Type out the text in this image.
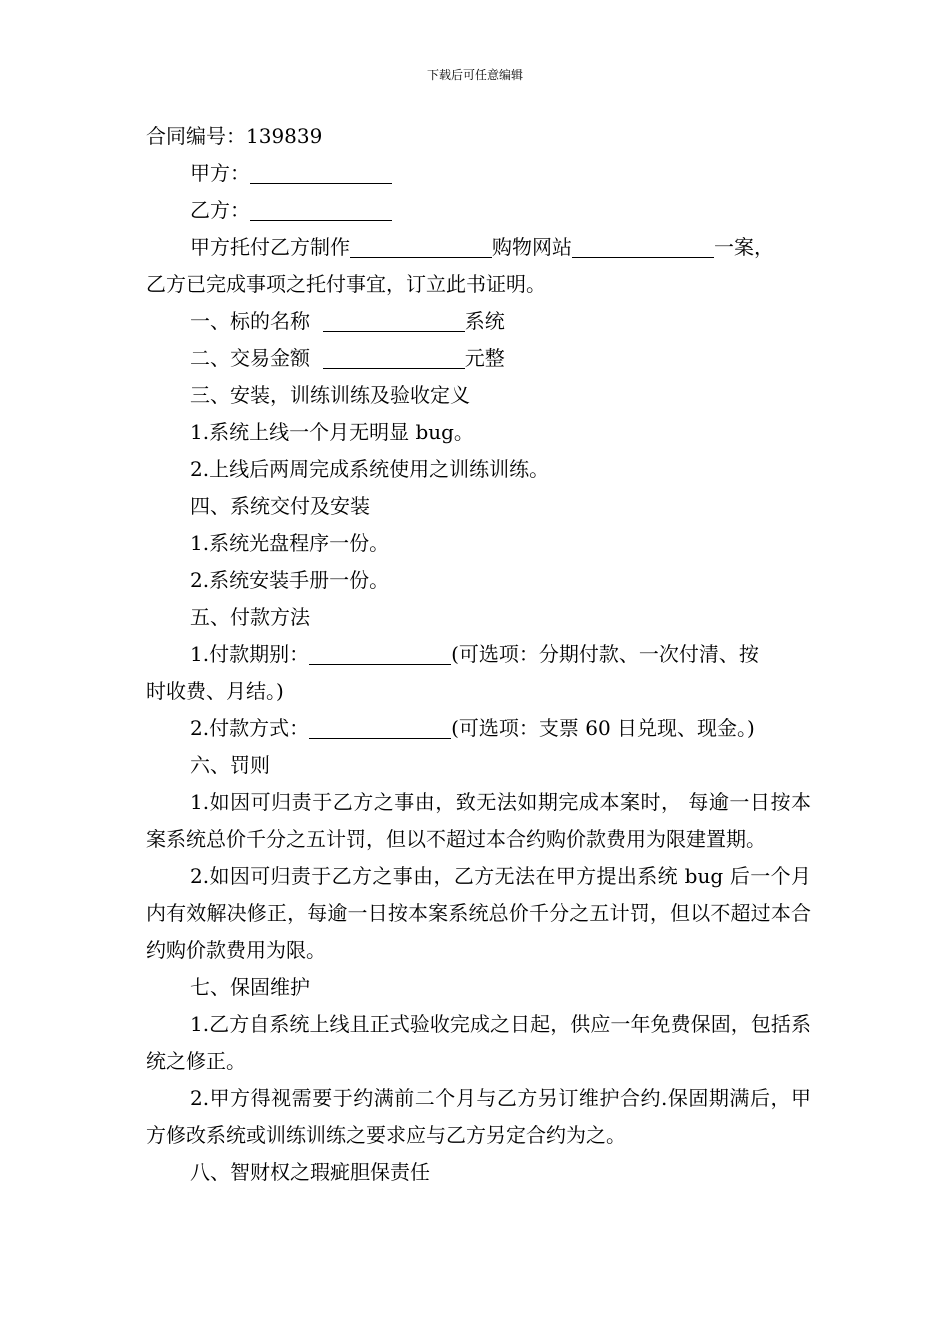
下载后可任意编辑

合同编号：139839

甲方：

乙方：

甲方托付乙方制作	购物网站	一案，

乙方已完成事项之托付事宜，订立此书证明。

一、标的名称	系统

二、交易金额	元整

三、安装，训练训练及验收定义

1.系统上线一个月无明显 bug。

2.上线后两周完成系统使用之训练训练。

四、系统交付及安装

1.系统光盘程序一份。

2.系统安装手册一份。

五、付款方法

1.付款期别：	(可选项：分期付款、一次付清、按

时收费、月结。)

2.付款方式：	(可选项：支票 60 日兑现、现金。)

六、罚则

1.如因可归责于乙方之事由，致无法如期完成本案时， 每逾一日按本案系统总价千分之五计罚，但以不超过本合约购价款费用为限建置期。

2.如因可归责于乙方之事由，乙方无法在甲方提出系统 bug 后一个月内有效解决修正，每逾一日按本案系统总价千分之五计罚，但以不超过本合约购价款费用为限。

七、保固维护

1.乙方自系统上线且正式验收完成之日起，供应一年免费保固，包括系统之修正。

2.甲方得视需要于约满前二个月与乙方另订维护合约.保固期满后，甲方修改系统或训练训练之要求应与乙方另定合约为之。

八、智财权之瑕疵胆保责任
